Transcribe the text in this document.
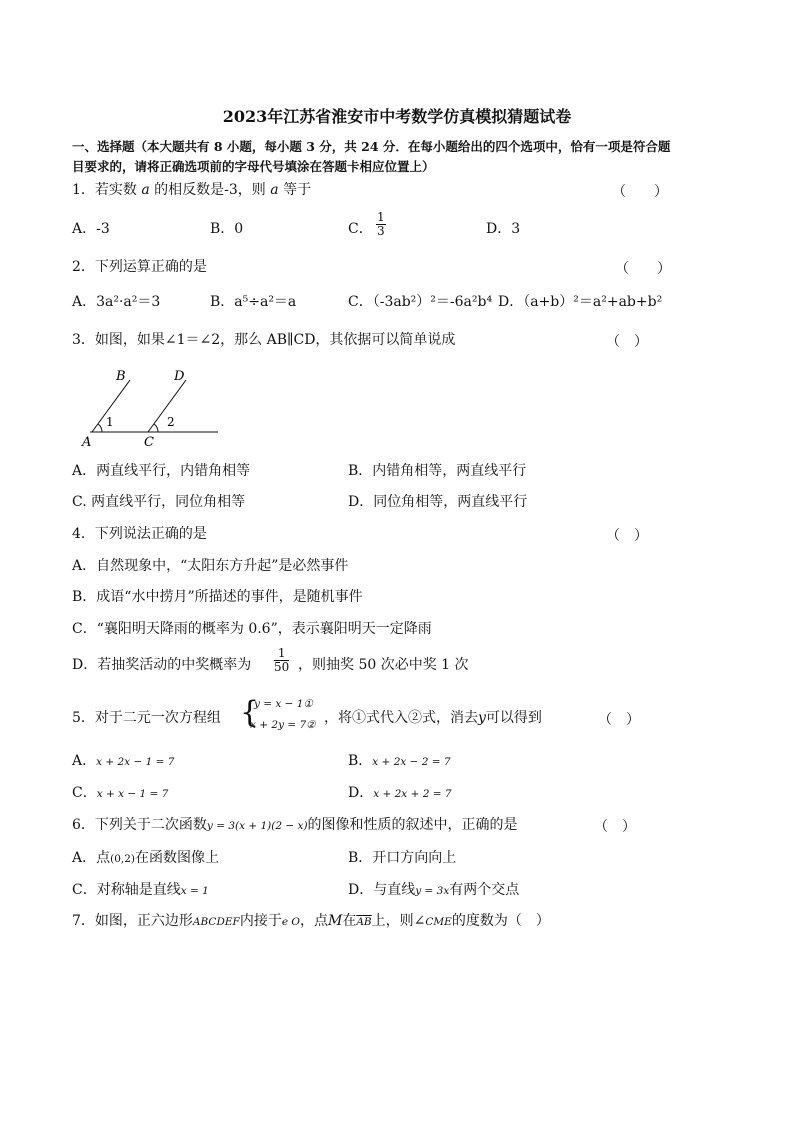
2023年江苏省淮安市中考数学仿真模拟猜题试卷
一、选择题（本大题共有 8 小题，每小题 3 分，共 24 分．在每小题给出的四个选项中，恰有一项是符合题
目要求的，请将正确选项前的字母代号填涂在答题卡相应位置上）
1．若实数 a 的相反数是-3，则 a 等于	（　　）
A．-3	B．0	C． $\frac{1}{3}$	D．3
2．下列运算正确的是	（　　）
A．3a²·a²＝3	B．a⁵÷a²＝a	C．（-3ab²）²＝-6a²b⁴ D．（a+b）²＝a²+ab+b²
3．如图，如果∠1＝∠2，那么 AB∥CD，其依据可以简单说成	（　）
B	D
1	2
A	C
A．两直线平行，内错角相等	B．内错角相等，两直线平行
C. 两直线平行，同位角相等	D．同位角相等，两直线平行
4．下列说法正确的是	（　）
A．自然现象中，“太阳东方升起”是必然事件
B．成语“水中捞月”所描述的事件，是随机事件
C．“襄阳明天降雨的概率为 0.6”，表示襄阳明天一定降雨
D．若抽奖活动的中奖概率为 $\frac{1}{50}$ ，则抽奖 50 次必中奖 1 次
5．对于二元一次方程组 {
y = x − 1①
x + 2y = 7② ，将①式代入②式，消去y可以得到	（　）
A．x + 2x − 1 = 7	B．x + 2x − 2 = 7
C．x + x − 1 = 7	D．x + 2x + 2 = 7
6．下列关于二次函数y = 3(x + 1)(2 − x)的图像和性质的叙述中，正确的是	（　）
A．点(0,2)在函数图像上	B．开口方向向上
C．对称轴是直线x = 1	D．与直线y = 3x有两个交点
7．如图，正六边形ABCDEF内接于e O，点M在$\overline{AB}$上，则∠CME的度数为（　）
